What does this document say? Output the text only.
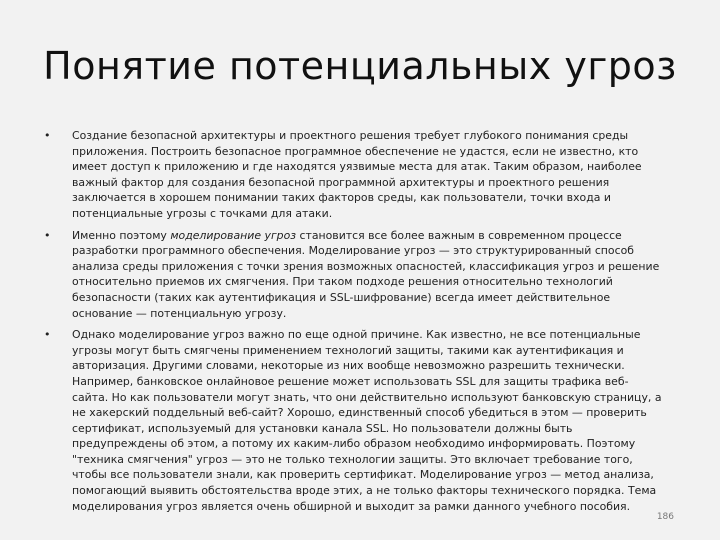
Понятие потенциальных угроз
•	Создание безопасной архитектуры и проектного решения требует глубокого понимания среды приложения. Построить безопасное программное обеспечение не удастся, если не известно, кто имеет доступ к приложению и где находятся уязвимые места для атак. Таким образом, наиболее важный фактор для создания безопасной программной архитектуры и проектного решения заключается в хорошем понимании таких факторов среды, как пользователи, точки входа и потенциальные угрозы с точками для атаки.
•	Именно поэтому моделирование угроз становится все более важным в современном процессе разработки программного обеспечения. Моделирование угроз — это структурированный способ анализа среды приложения с точки зрения возможных опасностей, классификация угроз и решение относительно приемов их смягчения. При таком подходе решения относительно технологий безопасности (таких как аутентификация и SSL-шифрование) всегда имеет действительное основание — потенциальную угрозу.
•	Однако моделирование угроз важно по еще одной причине. Как известно, не все потенциальные угрозы могут быть смягчены применением технологий защиты, такими как аутентификация и авторизация. Другими словами, некоторые из них вообще невозможно разрешить технически. Например, банковское онлайновое решение может использовать SSL для защиты трафика веб-сайта. Но как пользователи могут знать, что они действительно используют банковскую страницу, а не хакерский поддельный веб-сайт? Хорошо, единственный способ убедиться в этом — проверить сертификат, используемый для установки канала SSL. Но пользователи должны быть предупреждены об этом, а потому их каким-либо образом необходимо информировать. Поэтому "техника смягчения" угроз — это не только технологии защиты. Это включает требование того, чтобы все пользователи знали, как проверить сертификат. Моделирование угроз — метод анализа, помогающий выявить обстоятельства вроде этих, а не только факторы технического порядка. Тема моделирования угроз является очень обширной и выходит за рамки данного учебного пособия.
186
